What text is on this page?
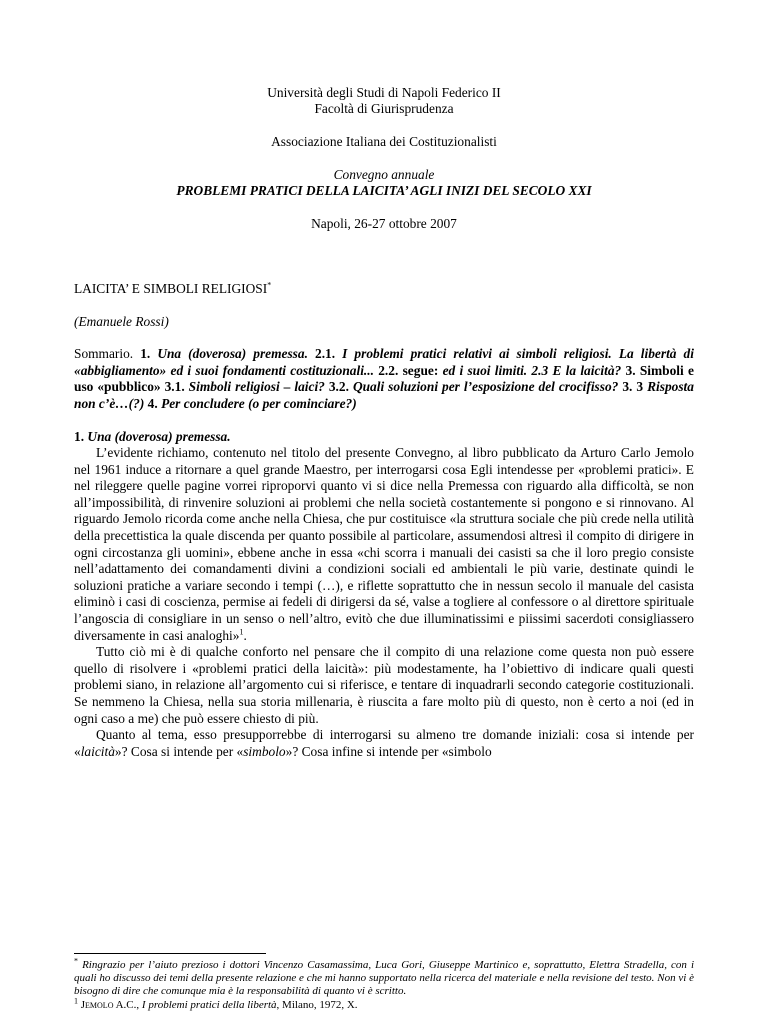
Università degli Studi di Napoli Federico II
Facoltà di Giurisprudenza
Associazione Italiana dei Costituzionalisti
Convegno annuale
PROBLEMI PRATICI DELLA LAICITA’ AGLI INIZI DEL SECOLO XXI
Napoli, 26-27 ottobre 2007
LAICITA’ E SIMBOLI RELIGIOSI*
(Emanuele Rossi)
Sommario. 1. Una (doverosa) premessa. 2.1. I problemi pratici relativi ai simboli religiosi. La libertà di «abbigliamento» ed i suoi fondamenti costituzionali... 2.2. segue: ed i suoi limiti. 2.3 E la laicità? 3. Simboli e uso «pubblico» 3.1. Simboli religiosi – laici? 3.2. Quali soluzioni per l’esposizione del crocifisso? 3. 3 Risposta non c’è…(?) 4. Per concludere (o per cominciare?)
1. Una (doverosa) premessa.

L’evidente richiamo, contenuto nel titolo del presente Convegno, al libro pubblicato da Arturo Carlo Jemolo nel 1961 induce a ritornare a quel grande Maestro, per interrogarsi cosa Egli intendesse per «problemi pratici». E nel rileggere quelle pagine vorrei riproporvi quanto vi si dice nella Premessa con riguardo alla difficoltà, se non all’impossibilità, di rinvenire soluzioni ai problemi che nella società costantemente si pongono e si rinnovano. Al riguardo Jemolo ricorda come anche nella Chiesa, che pur costituisce «la struttura sociale che più crede nella utilità della precettistica la quale discenda per quanto possibile al particolare, assumendosi altresì il compito di dirigere in ogni circostanza gli uomini», ebbene anche in essa «chi scorra i manuali dei casisti sa che il loro pregio consiste nell’adattamento dei comandamenti divini a condizioni sociali ed ambientali le più varie, destinate quindi le soluzioni pratiche a variare secondo i tempi (…), e riflette soprattutto che in nessun secolo il manuale del casista eliminò i casi di coscienza, permise ai fedeli di dirigersi da sé, valse a togliere al confessore o al direttore spirituale l’angoscia di consigliare in un senso o nell’altro, evitò che due illuminatissimi e piissimi sacerdoti consigliassero diversamente in casi analoghi»$^1$.

Tutto ciò mi è di qualche conforto nel pensare che il compito di una relazione come questa non può essere quello di risolvere i «problemi pratici della laicità»: più modestamente, ha l’obiettivo di indicare quali questi problemi siano, in relazione all’argomento cui si riferisce, e tentare di inquadrarli secondo categorie costituzionali. Se nemmeno la Chiesa, nella sua storia millenaria, è riuscita a fare molto più di questo, non è certo a noi (ed in ogni caso a me) che può essere chiesto di più.

Quanto al tema, esso presupporrebbe di interrogarsi su almeno tre domande iniziali: cosa si intende per «laicità»? Cosa si intende per «simbolo»? Cosa infine si intende per «simbolo

* Ringrazio per l’aiuto prezioso i dottori Vincenzo Casamassima, Luca Gori, Giuseppe Martinico e, soprattutto, Elettra Stradella, con i quali ho discusso dei temi della presente relazione e che mi hanno supportato nella ricerca del materiale e nella revisione del testo. Non vi è bisogno di dire che comunque mia è la responsabilità di quanto vi è scritto.
$^1$ Jemolo A.C., I problemi pratici della libertà, Milano, 1972, X.
